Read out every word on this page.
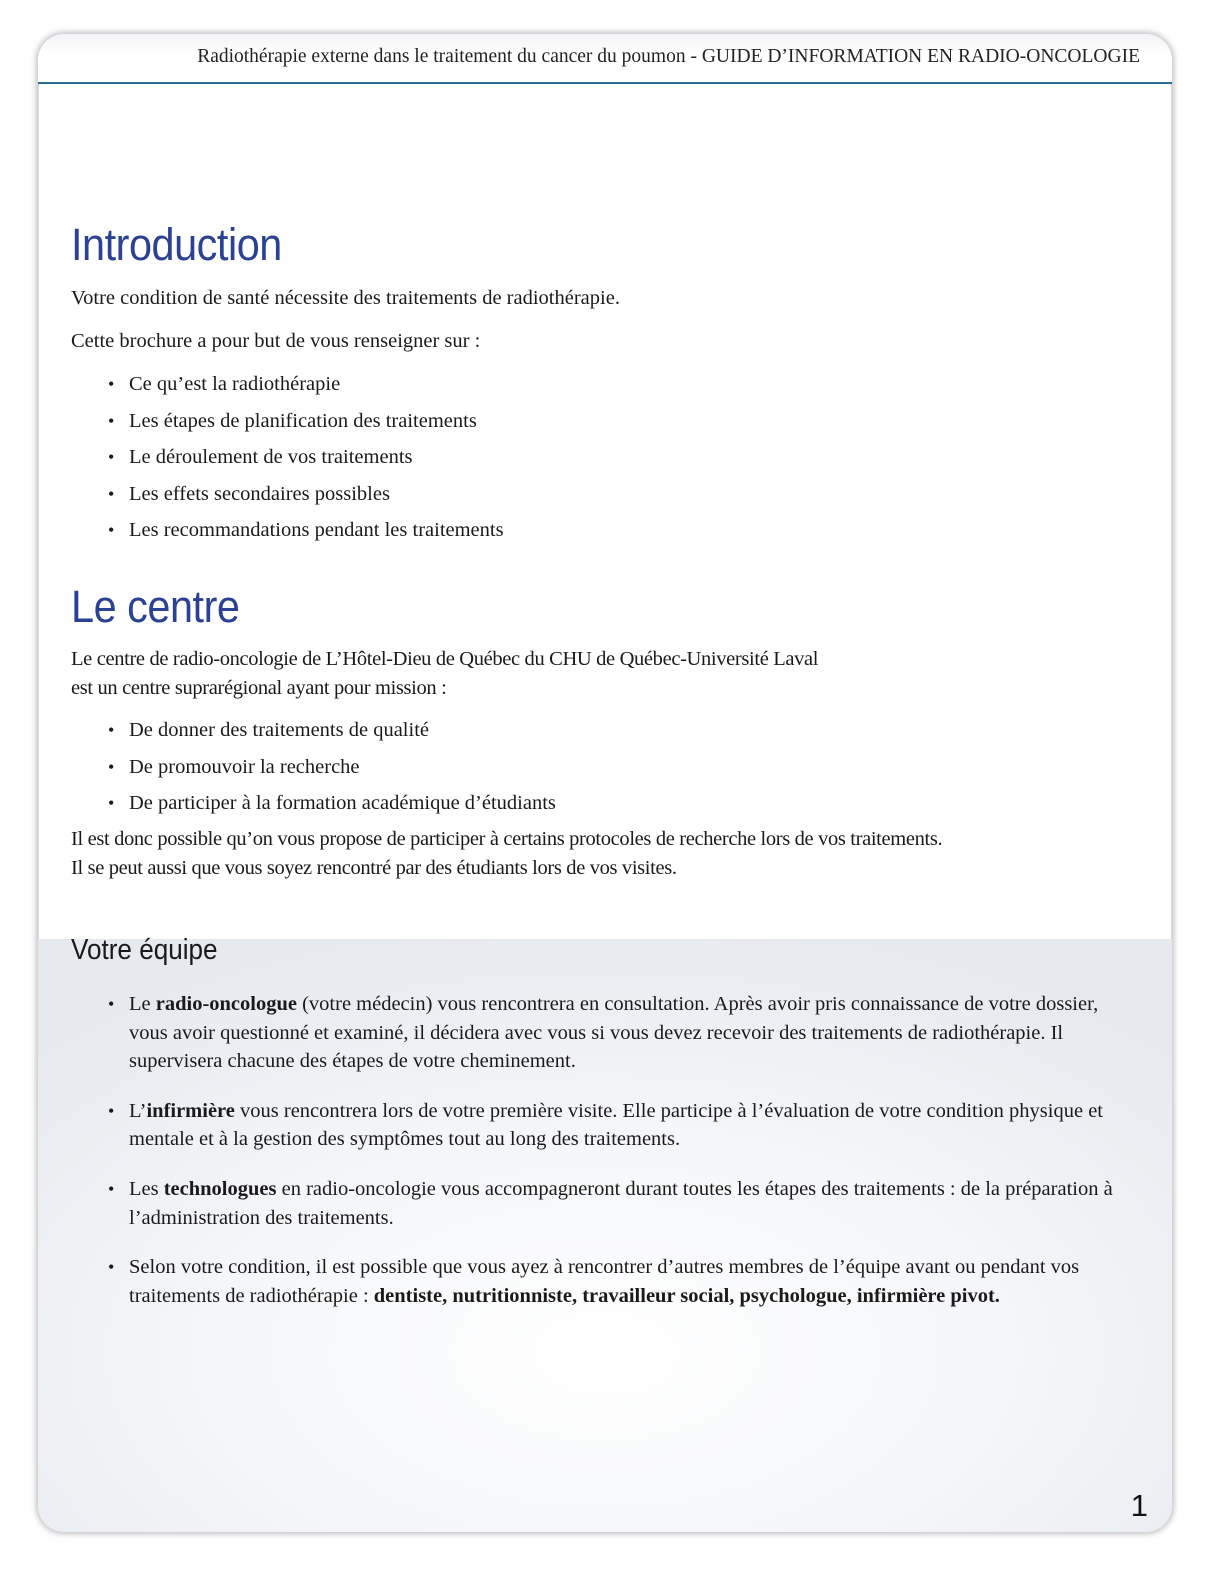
Radiothérapie externe dans le traitement du cancer du poumon - GUIDE D’INFORMATION EN RADIO-ONCOLOGIE
Introduction

Votre condition de santé nécessite des traitements de radiothérapie.

Cette brochure a pour but de vous renseigner sur :

• Ce qu’est la radiothérapie
• Les étapes de planification des traitements
• Le déroulement de vos traitements
• Les effets secondaires possibles
• Les recommandations pendant les traitements
Le centre

Le centre de radio-oncologie de L’Hôtel-Dieu de Québec du CHU de Québec-Université Laval
est un centre suprarégional ayant pour mission :

• De donner des traitements de qualité
• De promouvoir la recherche
• De participer à la formation académique d’étudiants

Il est donc possible qu’on vous propose de participer à certains protocoles de recherche lors de vos traitements.
Il se peut aussi que vous soyez rencontré par des étudiants lors de vos visites.

Votre équipe
• Le radio-oncologue (votre médecin) vous rencontrera en consultation. Après avoir pris connaissance de votre dossier, vous avoir questionné et examiné, il décidera avec vous si vous devez recevoir des traitements de radiothérapie. Il supervisera chacune des étapes de votre cheminement.
• L’infirmière vous rencontrera lors de votre première visite. Elle participe à l’évaluation de votre condition physique et mentale et à la gestion des symptômes tout au long des traitements.
• Les technologues en radio-oncologie vous accompagneront durant toutes les étapes des traitements : de la préparation à l’administration des traitements.
• Selon votre condition, il est possible que vous ayez à rencontrer d’autres membres de l’équipe avant ou pendant vos traitements de radiothérapie : dentiste, nutritionniste, travailleur social, psychologue, infirmière pivot.
1
